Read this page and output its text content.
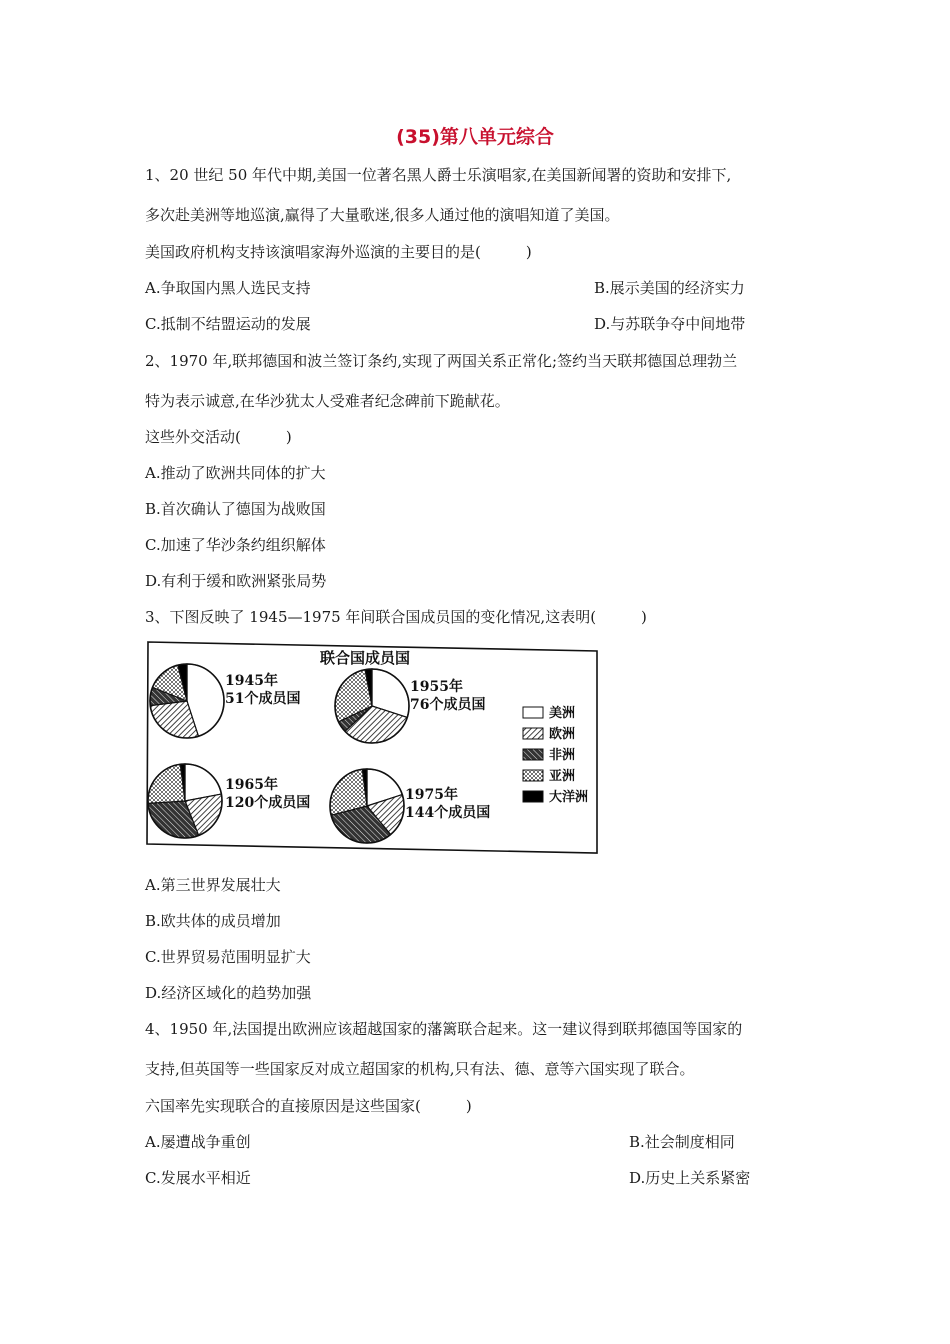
(35)第八单元综合
1、20 世纪 50 年代中期,美国一位著名黑人爵士乐演唱家,在美国新闻署的资助和安排下,
多次赴美洲等地巡演,赢得了大量歌迷,很多人通过他的演唱知道了美国。
美国政府机构支持该演唱家海外巡演的主要目的是(　　　)
A.争取国内黑人选民支持	B.展示美国的经济实力
C.抵制不结盟运动的发展	D.与苏联争夺中间地带
2、1970 年,联邦德国和波兰签订条约,实现了两国关系正常化;签约当天联邦德国总理勃兰
特为表示诚意,在华沙犹太人受难者纪念碑前下跪献花。
这些外交活动(　　　)
A.推动了欧洲共同体的扩大
B.首次确认了德国为战败国
C.加速了华沙条约组织解体
D.有利于缓和欧洲紧张局势
3、下图反映了 1945—1975 年间联合国成员国的变化情况,这表明(　　　)
联合国成员国
1945年
51个成员国
1955年
76个成员国
1965年
120个成员国	1975年
144个成员国
美洲
欧洲
非洲
亚洲
大洋洲
A.第三世界发展壮大
B.欧共体的成员增加
C.世界贸易范围明显扩大
D.经济区域化的趋势加强
4、1950 年,法国提出欧洲应该超越国家的藩篱联合起来。这一建议得到联邦德国等国家的
支持,但英国等一些国家反对成立超国家的机构,只有法、德、意等六国实现了联合。
六国率先实现联合的直接原因是这些国家(　　　)
A.屡遭战争重创	B.社会制度相同
C.发展水平相近	D.历史上关系紧密
